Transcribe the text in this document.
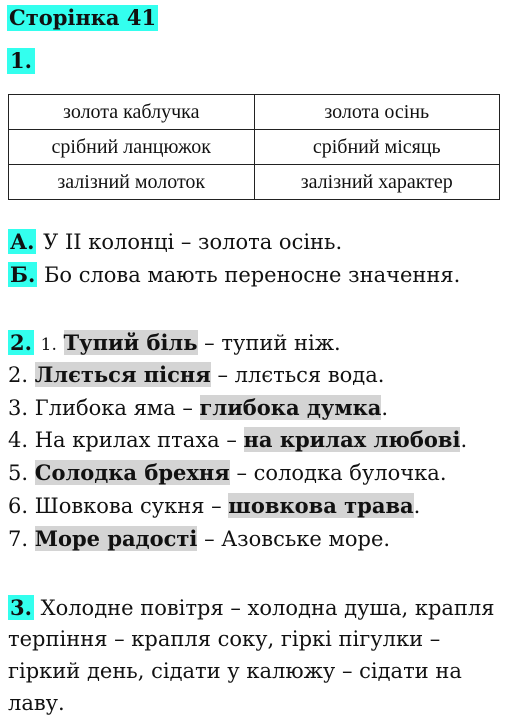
Сторінка 41
1.
золота каблучка	золота осінь
срібний ланцюжок	срібний місяць
залізний молоток	залізний характер
А. У II колонці – золота осінь.
Б. Бо слова мають переносне значення.
2. 1. Тупий біль – тупий ніж.
2. Ллється пісня – ллється вода.
3. Глибока яма – глибока думка.
4. На крилах птаха – на крилах любові.
5. Солодка брехня – солодка булочка.
6. Шовкова сукня – шовкова трава.
7. Море радості – Азовське море.
3. Холодне повітря – холодна душа, крапля
терпіння – крапля соку, гіркі пігулки –
гіркий день, сідати у калюжу – сідати на
лаву.
